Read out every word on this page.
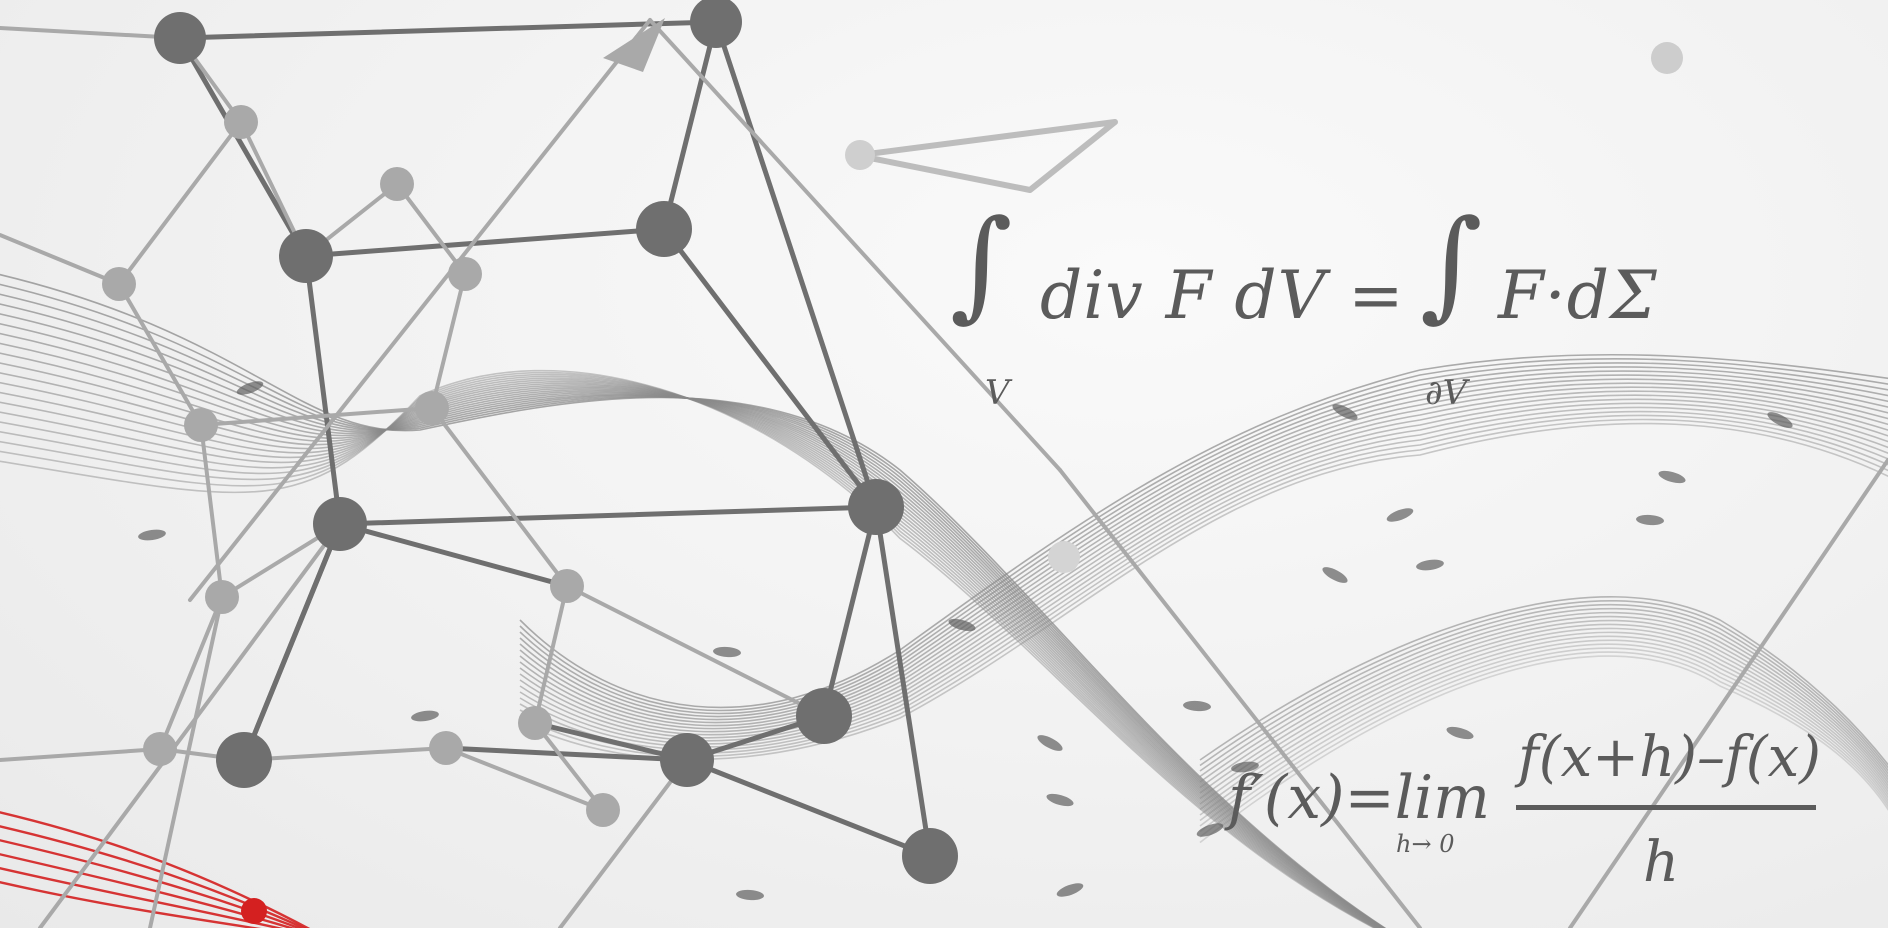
∫
V
div F dV = ∫
∂V
F·dΣ
f′(x)=lim
h→ 0
f(x+h)–f(x)
h
